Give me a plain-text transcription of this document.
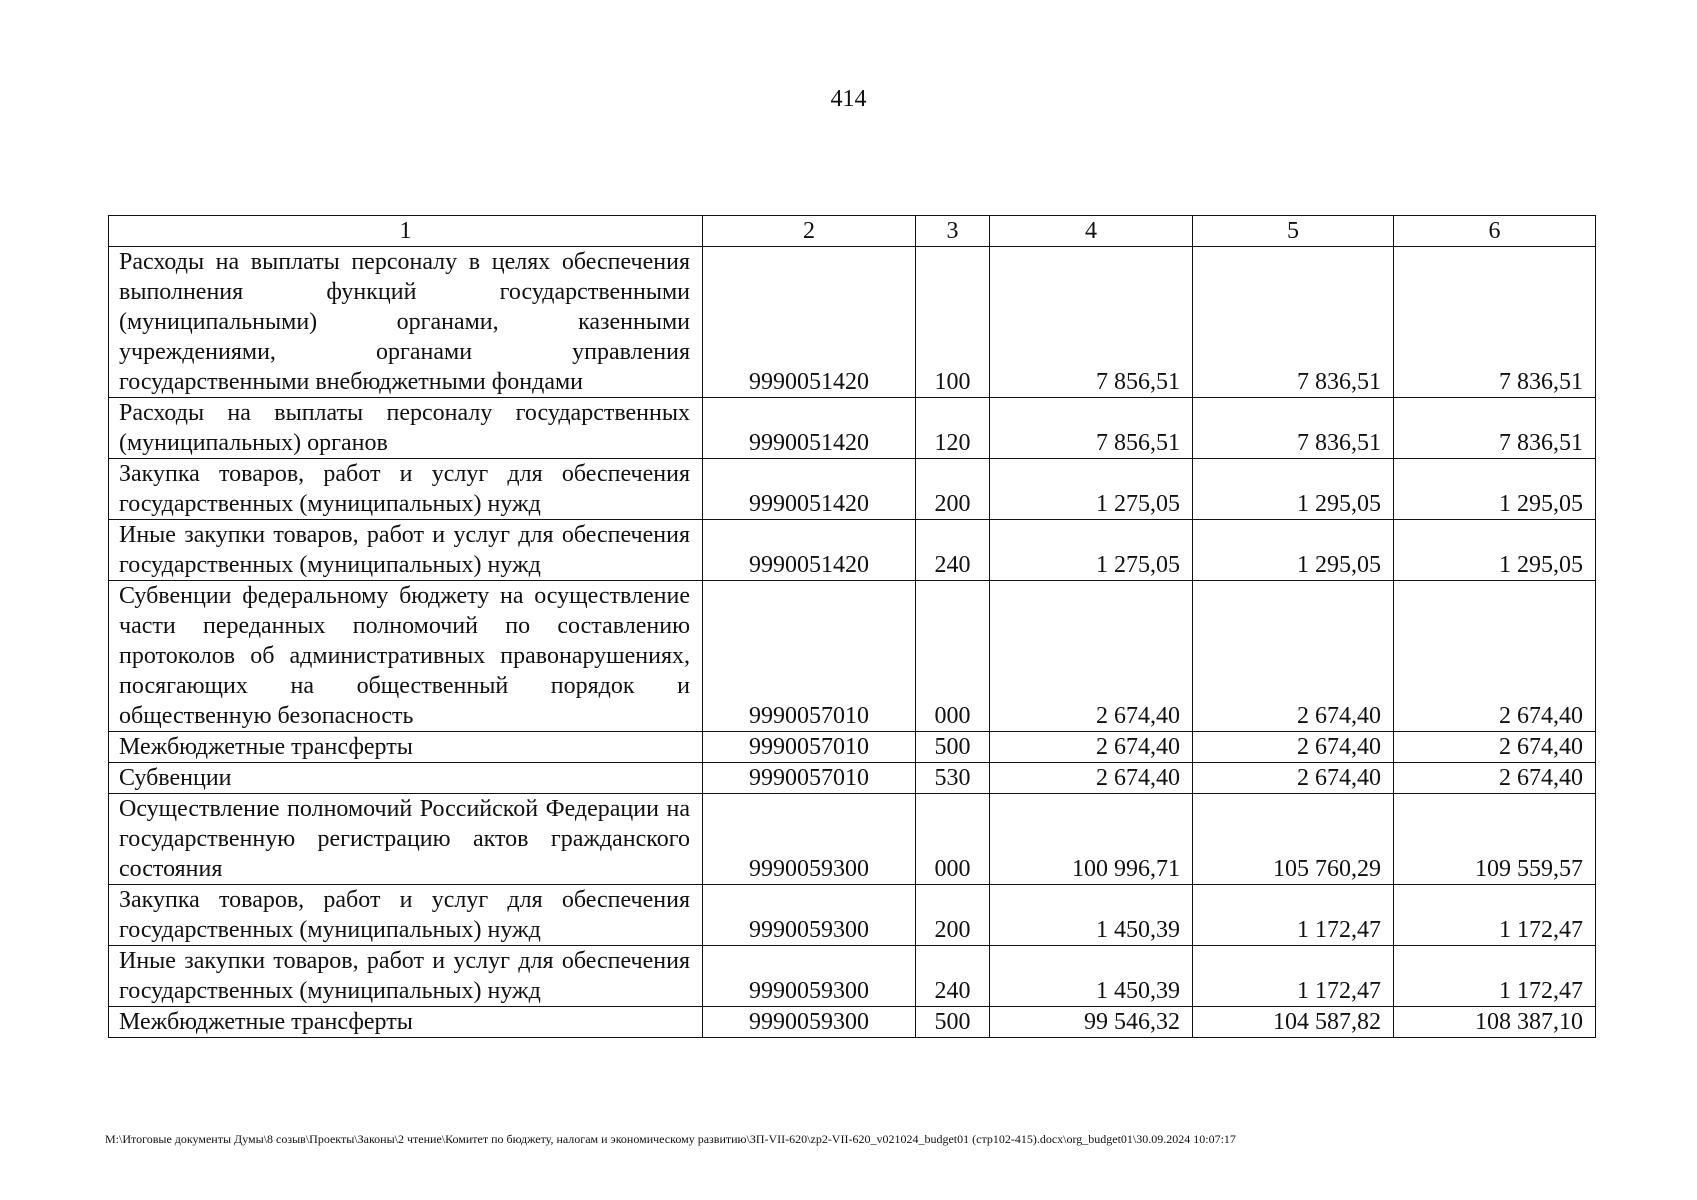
414
1	2	3	4	5	6
Расходы на выплаты персоналу в целях обеспечения выполнения функций государственными (муниципальными) органами, казенными учреждениями, органами управления государственными внебюджетными фондами	9990051420	100	7 856,51	7 836,51	7 836,51
Расходы на выплаты персоналу государственных (муниципальных) органов	9990051420	120	7 856,51	7 836,51	7 836,51
Закупка товаров, работ и услуг для обеспечения государственных (муниципальных) нужд	9990051420	200	1 275,05	1 295,05	1 295,05
Иные закупки товаров, работ и услуг для обеспечения государственных (муниципальных) нужд	9990051420	240	1 275,05	1 295,05	1 295,05
Субвенции федеральному бюджету на осуществление части переданных полномочий по составлению протоколов об административных правонарушениях, посягающих на общественный порядок и общественную безопасность	9990057010	000	2 674,40	2 674,40	2 674,40
Межбюджетные трансферты	9990057010	500	2 674,40	2 674,40	2 674,40
Субвенции	9990057010	530	2 674,40	2 674,40	2 674,40
Осуществление полномочий Российской Федерации на государственную регистрацию актов гражданского состояния	9990059300	000	100 996,71	105 760,29	109 559,57
Закупка товаров, работ и услуг для обеспечения государственных (муниципальных) нужд	9990059300	200	1 450,39	1 172,47	1 172,47
Иные закупки товаров, работ и услуг для обеспечения государственных (муниципальных) нужд	9990059300	240	1 450,39	1 172,47	1 172,47
Межбюджетные трансферты	9990059300	500	99 546,32	104 587,82	108 387,10
M:\Итоговые документы Думы\8 созыв\Проекты\Законы\2 чтение\Комитет по бюджету, налогам и экономическому развитию\ЗП-VII-620\zp2-VII-620_v021024_budget01 (стр102-415).docx\org_budget01\30.09.2024 10:07:17
